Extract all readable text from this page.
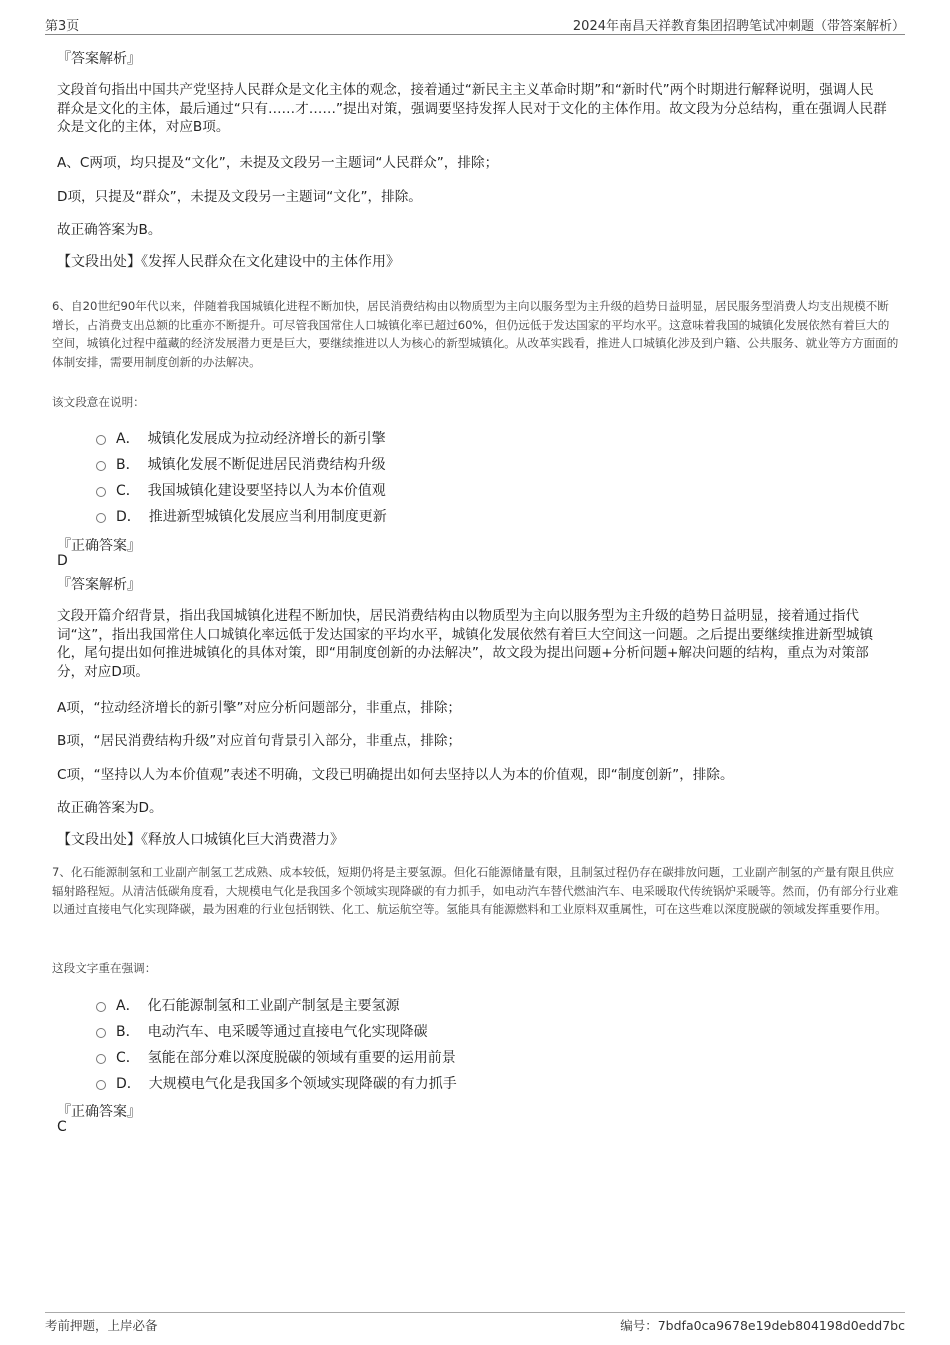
第3页	2024年南昌天祥教育集团招聘笔试冲刺题（带答案解析）
『答案解析』

文段首句指出中国共产党坚持人民群众是文化主体的观念，接着通过“新民主主义革命时期”和“新时代”两个时期进行解释说明，强调人民群众是文化的主体，最后通过“只有……才……”提出对策，强调要坚持发挥人民对于文化的主体作用。故文段为分总结构，重在强调人民群众是文化的主体，对应B项。

A、C两项，均只提及“文化”，未提及文段另一主题词“人民群众”，排除；
D项，只提及“群众”，未提及文段另一主题词“文化”，排除。
故正确答案为B。
【文段出处】《发挥人民群众在文化建设中的主体作用》

6、自20世纪90年代以来，伴随着我国城镇化进程不断加快，居民消费结构由以物质型为主向以服务型为主升级的趋势日益明显，居民服务型消费人均支出规模不断增长，占消费支出总额的比重亦不断提升。可尽管我国常住人口城镇化率已超过60%，但仍远低于发达国家的平均水平。这意味着我国的城镇化发展依然有着巨大的空间，城镇化过程中蕴藏的经济发展潜力更是巨大，要继续推进以人为核心的新型城镇化。从改革实践看，推进人口城镇化涉及到户籍、公共服务、就业等方方面面的体制安排，需要用制度创新的办法解决。

该文段意在说明：
A． 城镇化发展成为拉动经济增长的新引擎
B． 城镇化发展不断促进居民消费结构升级
C． 我国城镇化建设要坚持以人为本价值观
D． 推进新型城镇化发展应当利用制度更新
『正确答案』
D
『答案解析』

文段开篇介绍背景，指出我国城镇化进程不断加快，居民消费结构由以物质型为主向以服务型为主升级的趋势日益明显，接着通过指代词“这”，指出我国常住人口城镇化率远低于发达国家的平均水平，城镇化发展依然有着巨大空间这一问题。之后提出要继续推进新型城镇化，尾句提出如何推进城镇化的具体对策，即“用制度创新的办法解决”，故文段为提出问题+分析问题+解决问题的结构，重点为对策部分，对应D项。

A项，“拉动经济增长的新引擎”对应分析问题部分，非重点，排除；
B项，“居民消费结构升级”对应首句背景引入部分，非重点，排除；
C项，“坚持以人为本价值观”表述不明确，文段已明确提出如何去坚持以人为本的价值观，即“制度创新”，排除。
故正确答案为D。
【文段出处】《释放人口城镇化巨大消费潜力》

7、化石能源制氢和工业副产制氢工艺成熟、成本较低，短期仍将是主要氢源。但化石能源储量有限，且制氢过程仍存在碳排放问题，工业副产制氢的产量有限且供应辐射路程短。从清洁低碳角度看，大规模电气化是我国多个领域实现降碳的有力抓手，如电动汽车替代燃油汽车、电采暖取代传统锅炉采暖等。然而，仍有部分行业难以通过直接电气化实现降碳，最为困难的行业包括钢铁、化工、航运航空等。氢能具有能源燃料和工业原料双重属性，可在这些难以深度脱碳的领域发挥重要作用。

这段文字重在强调：
A． 化石能源制氢和工业副产制氢是主要氢源
B． 电动汽车、电采暖等通过直接电气化实现降碳
C． 氢能在部分难以深度脱碳的领域有重要的运用前景
D． 大规模电气化是我国多个领域实现降碳的有力抓手
『正确答案』
C
考前押题，上岸必备	编号：7bdfa0ca9678e19deb804198d0edd7bc
